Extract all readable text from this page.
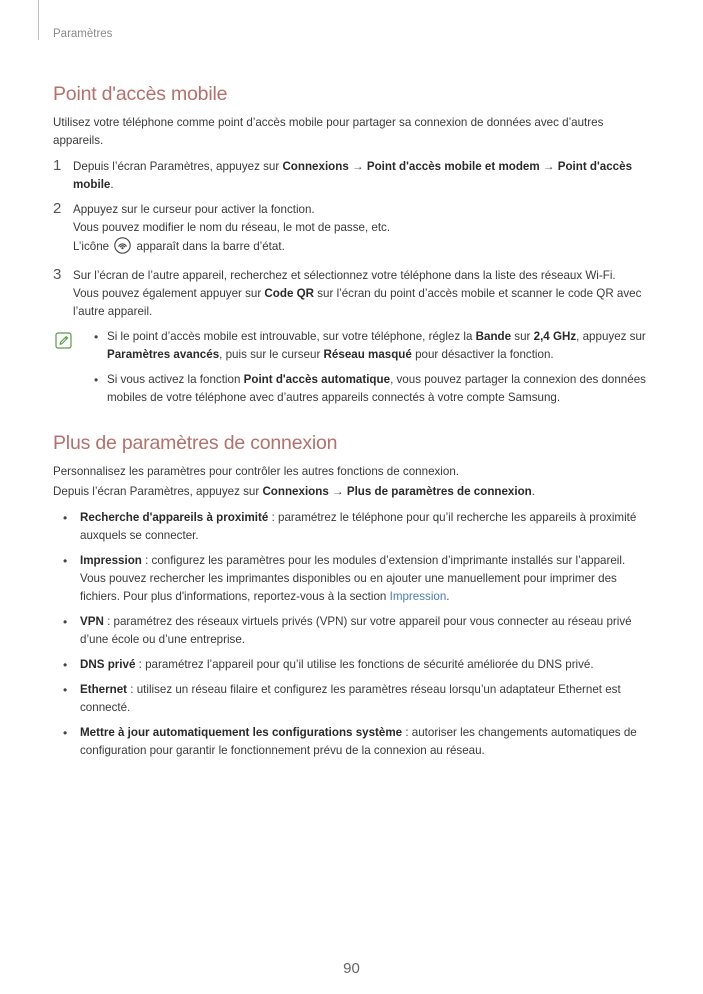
Paramètres
Point d'accès mobile

Utilisez votre téléphone comme point d’accès mobile pour partager sa connexion de données avec d’autres appareils.

1 Depuis l’écran Paramètres, appuyez sur Connexions → Point d'accès mobile et modem → Point d'accès mobile.
2 Appuyez sur le curseur pour activer la fonction.
Vous pouvez modifier le nom du réseau, le mot de passe, etc.
L’icône  apparaît dans la barre d’état.
3 Sur l’écran de l’autre appareil, recherchez et sélectionnez votre téléphone dans la liste des réseaux Wi-Fi.
Vous pouvez également appuyer sur Code QR sur l’écran du point d’accès mobile et scanner le code QR avec l’autre appareil.
• Si le point d’accès mobile est introuvable, sur votre téléphone, réglez la Bande sur 2,4 GHz, appuyez sur Paramètres avancés, puis sur le curseur Réseau masqué pour désactiver la fonction.
• Si vous activez la fonction Point d'accès automatique, vous pouvez partager la connexion des données mobiles de votre téléphone avec d’autres appareils connectés à votre compte Samsung.
Plus de paramètres de connexion

Personnalisez les paramètres pour contrôler les autres fonctions de connexion.

Depuis l’écran Paramètres, appuyez sur Connexions → Plus de paramètres de connexion.

• Recherche d'appareils à proximité : paramétrez le téléphone pour qu’il recherche les appareils à proximité auxquels se connecter.
• Impression : configurez les paramètres pour les modules d’extension d’imprimante installés sur l’appareil. Vous pouvez rechercher les imprimantes disponibles ou en ajouter une manuellement pour imprimer des fichiers. Pour plus d'informations, reportez-vous à la section Impression.
• VPN : paramétrez des réseaux virtuels privés (VPN) sur votre appareil pour vous connecter au réseau privé d’une école ou d’une entreprise.
• DNS privé : paramétrez l’appareil pour qu’il utilise les fonctions de sécurité améliorée du DNS privé.
• Ethernet : utilisez un réseau filaire et configurez les paramètres réseau lorsqu’un adaptateur Ethernet est connecté.
• Mettre à jour automatiquement les configurations système : autoriser les changements automatiques de configuration pour garantir le fonctionnement prévu de la connexion au réseau.
90
